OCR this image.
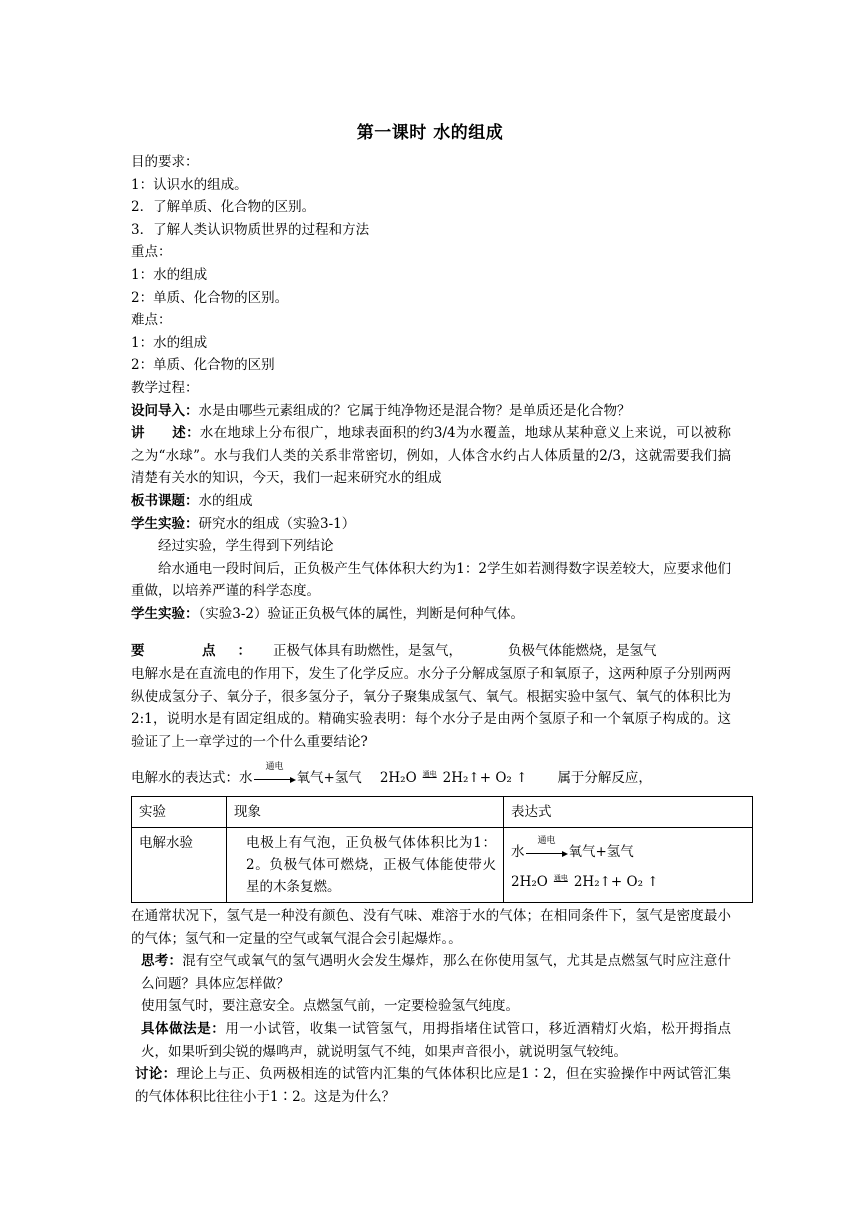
第一课时 水的组成
目的要求：
1：认识水的组成。
2．了解单质、化合物的区别。
3．了解人类认识物质世界的过程和方法
重点：
1：水的组成
2：单质、化合物的区别。
难点：
1：水的组成
2：单质、化合物的区别
教学过程：
设问导入：水是由哪些元素组成的？它属于纯净物还是混合物？是单质还是化合物？
讲　　述：水在地球上分布很广，地球表面积的约3/4为水覆盖，地球从某种意义上来说，可以被称之为“水球”。水与我们人类的关系非常密切，例如，人体含水约占人体质量的2/3，这就需要我们搞清楚有关水的知识，今天，我们一起来研究水的组成
板书课题：水的组成
学生实验：研究水的组成（实验3-1）
经过实验，学生得到下列结论
给水通电一段时间后，正负极产生气体体积大约为1：2学生如若测得数字误差较大，应要求他们重做，以培养严谨的科学态度。
学生实验：（实验3-2）验证正负极气体的属性，判断是何种气体。
要　点：正极气体具有助燃性，是氢气，	负极气体能燃烧，是氢气
电解水是在直流电的作用下，发生了化学反应。水分子分解成氢原子和氧原子，这两种原子分别两两纵使成氢分子、氧分子，很多氢分子，氧分子聚集成氢气、氧气。根据实验中氢气、氧气的体积比为2:1，说明水是有固定组成的。精确实验表明：每个水分子是由两个氢原子和一个氧原子构成的。这验证了上一章学过的一个什么重要结论?
电解水的表达式：水
通电
氧气+氢气 2H₂O 通电 2H₂↑+ O₂ ↑ 属于分解反应，
实验	现象	表达式
电解水验	电极上有气泡，正负极气体体积比为1：2。负极气体可燃烧，正极气体能使带火星的木条复燃。	水
通电
氧气+氢气
2H₂O 通电 2H₂↑+ O₂ ↑
在通常状况下，氢气是一种没有颜色、没有气味、难溶于水的气体；在相同条件下，氢气是密度最小的气体；氢气和一定量的空气或氧气混合会引起爆炸。。
思考：混有空气或氧气的氢气遇明火会发生爆炸，那么在你使用氢气，尤其是点燃氢气时应注意什么问题？具体应怎样做？
使用氢气时，要注意安全。点燃氢气前，一定要检验氢气纯度。
具体做法是：用一小试管，收集一试管氢气，用拇指堵住试管口，移近酒精灯火焰，松开拇指点火，如果听到尖锐的爆鸣声，就说明氢气不纯，如果声音很小，就说明氢气较纯。
讨论：理论上与正、负两极相连的试管内汇集的气体体积比应是1∶2，但在实验操作中两试管汇集的气体体积比往往小于1∶2。这是为什么？
